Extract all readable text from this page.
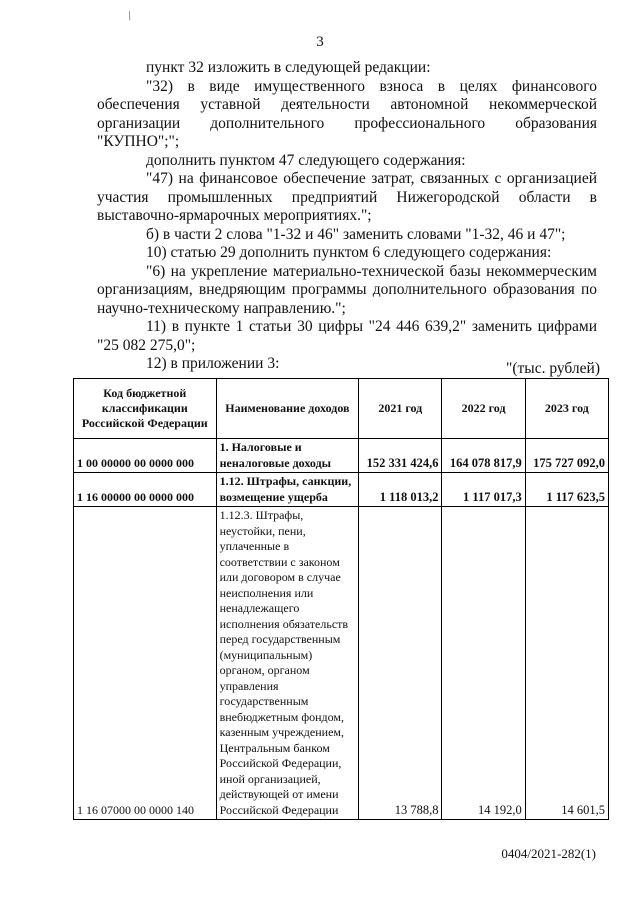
/
3

пункт 32 изложить в следующей редакции:

"32) в виде имущественного взноса в целях финансового обеспечения уставной деятельности автономной некоммерческой организации дополнительного профессионального образования "КУПНО";";

дополнить пунктом 47 следующего содержания:

"47) на финансовое обеспечение затрат, связанных с организацией участия промышленных предприятий Нижегородской области в выставочно-ярмарочных мероприятиях.";

б) в части 2 слова "1-32 и 46" заменить словами "1-32, 46 и 47";

10) статью 29 дополнить пунктом 6 следующего содержания:

"6) на укрепление материально-технической базы некоммерческим организациям, внедряющим программы дополнительного образования по научно-техническому направлению.";

11) в пункте 1 статьи 30 цифры "24 446 639,2" заменить цифрами "25 082 275,0";

12) в приложении 3:	"(тыс. рублей)
Код бюджетной классификации Российской Федерации	Наименование доходов	2021 год	2022 год	2023 год
1 00 00000 00 0000 000	1. Налоговые и неналоговые доходы	152 331 424,6	164 078 817,9	175 727 092,0
1 16 00000 00 0000 000	1.12. Штрафы, санкции, возмещение ущерба	1 118 013,2	1 117 017,3	1 117 623,5
1 16 07000 00 0000 140	1.12.3. Штрафы, неустойки, пени, уплаченные в соответствии с законом или договором в случае неисполнения или ненадлежащего исполнения обязательств перед государственным (муниципальным) органом, органом управления государственным внебюджетным фондом, казенным учреждением, Центральным банком Российской Федерации, иной организацией, действующей от имени Российской Федерации	13 788,8	14 192,0	14 601,5
0404/2021-282(1)
